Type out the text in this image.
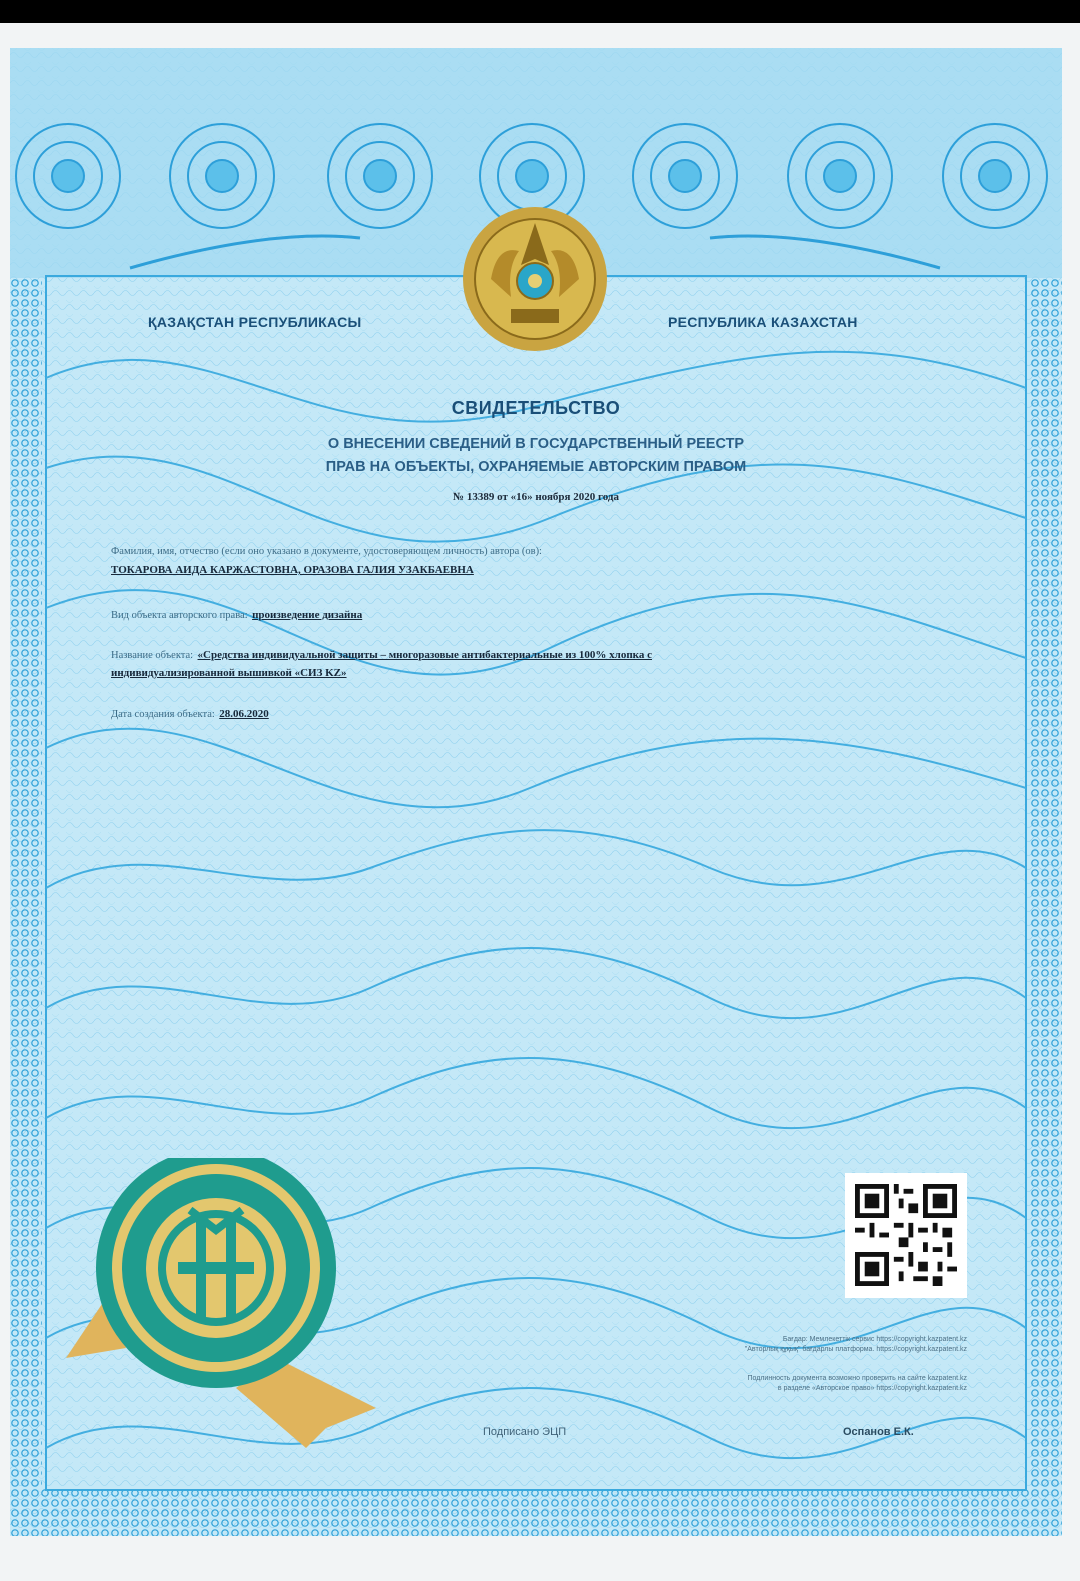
ҚАЗАҚСТАН РЕСПУБЛИКАСЫ	РЕСПУБЛИКА КАЗАХСТАН
СВИДЕТЕЛЬСТВО
О ВНЕСЕНИИ СВЕДЕНИЙ В ГОСУДАРСТВЕННЫЙ РЕЕСТР
ПРАВ НА ОБЪЕКТЫ, ОХРАНЯЕМЫЕ АВТОРСКИМ ПРАВОМ
№ 13389 от «16» ноября 2020 года
Фамилия, имя, отчество (если оно указано в документе, удостоверяющем личность) автора (ов):
ТОКАРОВА АИДА КАРЖАСТОВНА, ОРАЗОВА ГАЛИЯ УЗАКБАЕВНА
Вид объекта авторского права: произведение дизайна
Название объекта: «Средства индивидуальной защиты – многоразовые антибактериальные из 100% хлопка с
индивидуализированной вышивкой «СИЗ KZ»
Дата создания объекта: 28.06.2020
Бағдар: Мемлекеттік сервис https://copyright.kazpatent.kz
"Авторлық құқық" бағдарлы платформа. https://copyright.kazpatent.kz
Подлинность документа возможно проверить на сайте kazpatent.kz
в разделе «Авторское право» https://copyright.kazpatent.kz
Подписано ЭЦП	Оспанов Е.К.
